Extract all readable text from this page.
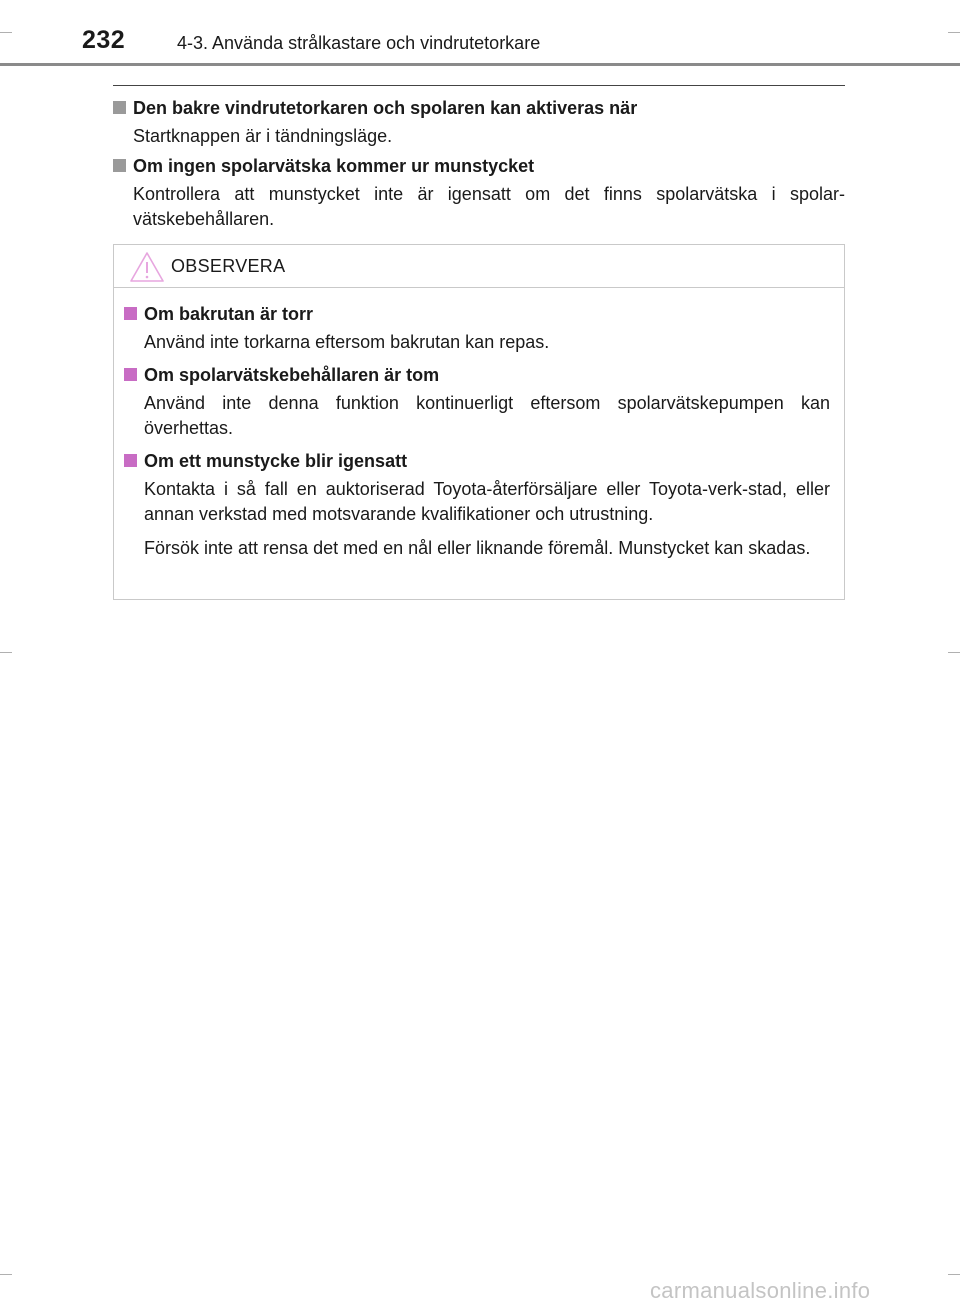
232	4-3. Använda strålkastare och vindrutetorkare
Den bakre vindrutetorkaren och spolaren kan aktiveras när
Startknappen är i tändningsläge.
Om ingen spolarvätska kommer ur munstycket
Kontrollera att munstycket inte är igensatt om det finns spolarvätska i spolar-vätskebehållaren.
OBSERVERA
Om bakrutan är torr
Använd inte torkarna eftersom bakrutan kan repas.
Om spolarvätskebehållaren är tom
Använd inte denna funktion kontinuerligt eftersom spolarvätskepumpen kan överhettas.
Om ett munstycke blir igensatt
Kontakta i så fall en auktoriserad Toyota-återförsäljare eller Toyota-verk-stad, eller annan verkstad med motsvarande kvalifikationer och utrustning.
Försök inte att rensa det med en nål eller liknande föremål. Munstycket kan skadas.
carmanualsonline.info
